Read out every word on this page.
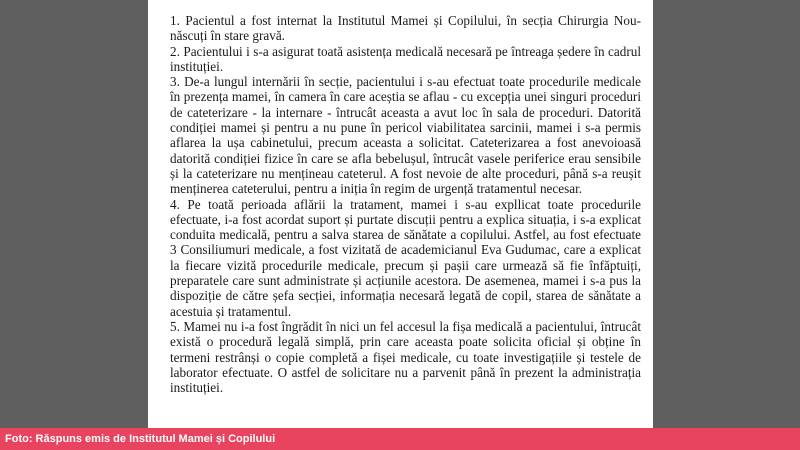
1. Pacientul a fost internat la Institutul Mamei și Copilului, în secția Chirurgia Nou-născuți în stare gravă.

2. Pacientului i s-a asigurat toată asistența medicală necesară pe întreaga ședere în cadrul instituției.

3. De-a lungul internării în secție, pacientului i s-au efectuat toate procedurile medicale în prezența mamei, în camera în care aceștia se aflau - cu excepția unei singuri proceduri de cateterizare - la internare - întrucât aceasta a avut loc în sala de proceduri. Datorită condiției mamei și pentru a nu pune în pericol viabilitatea sarcinii, mamei i s-a permis aflarea la ușa cabinetului, precum aceasta a solicitat. Cateterizarea a fost anevoioasă datorită condiției fizice în care se afla bebelușul, întrucât vasele periferice erau sensibile și la cateterizare nu mențineau cateterul. A fost nevoie de alte proceduri, până s-a reușit menținerea cateterului, pentru a iniția în regim de urgență tratamentul necesar.

4. Pe toată perioada aflării la tratament, mamei i s-au expllicat toate procedurile efectuate, i-a fost acordat suport și purtate discuții pentru a explica situația, i s-a explicat conduita medicală, pentru a salva starea de sănătate a copilului. Astfel, au fost efectuate 3 Consiliumuri medicale, a fost vizitată de academicianul Eva Gudumac, care a explicat la fiecare vizită procedurile medicale, precum și pașii care urmează să fie înfăptuiți, preparatele care sunt administrate și acțiunile acestora. De asemenea, mamei i s-a pus la dispoziție de către șefa secției, informația necesară legată de copil, starea de sănătate a acestuia și tratamentul.

5. Mamei nu i-a fost îngrădit în nici un fel accesul la fișa medicală a pacientului, întrucât există o procedură legală simplă, prin care aceasta poate solicita oficial și obține în termeni restrânși o copie completă a fișei medicale, cu toate investigațiile și testele de laborator efectuate. O astfel de solicitare nu a parvenit până în prezent la administrația instituției.

Foto: Răspuns emis de Institutul Mamei și Copilului
